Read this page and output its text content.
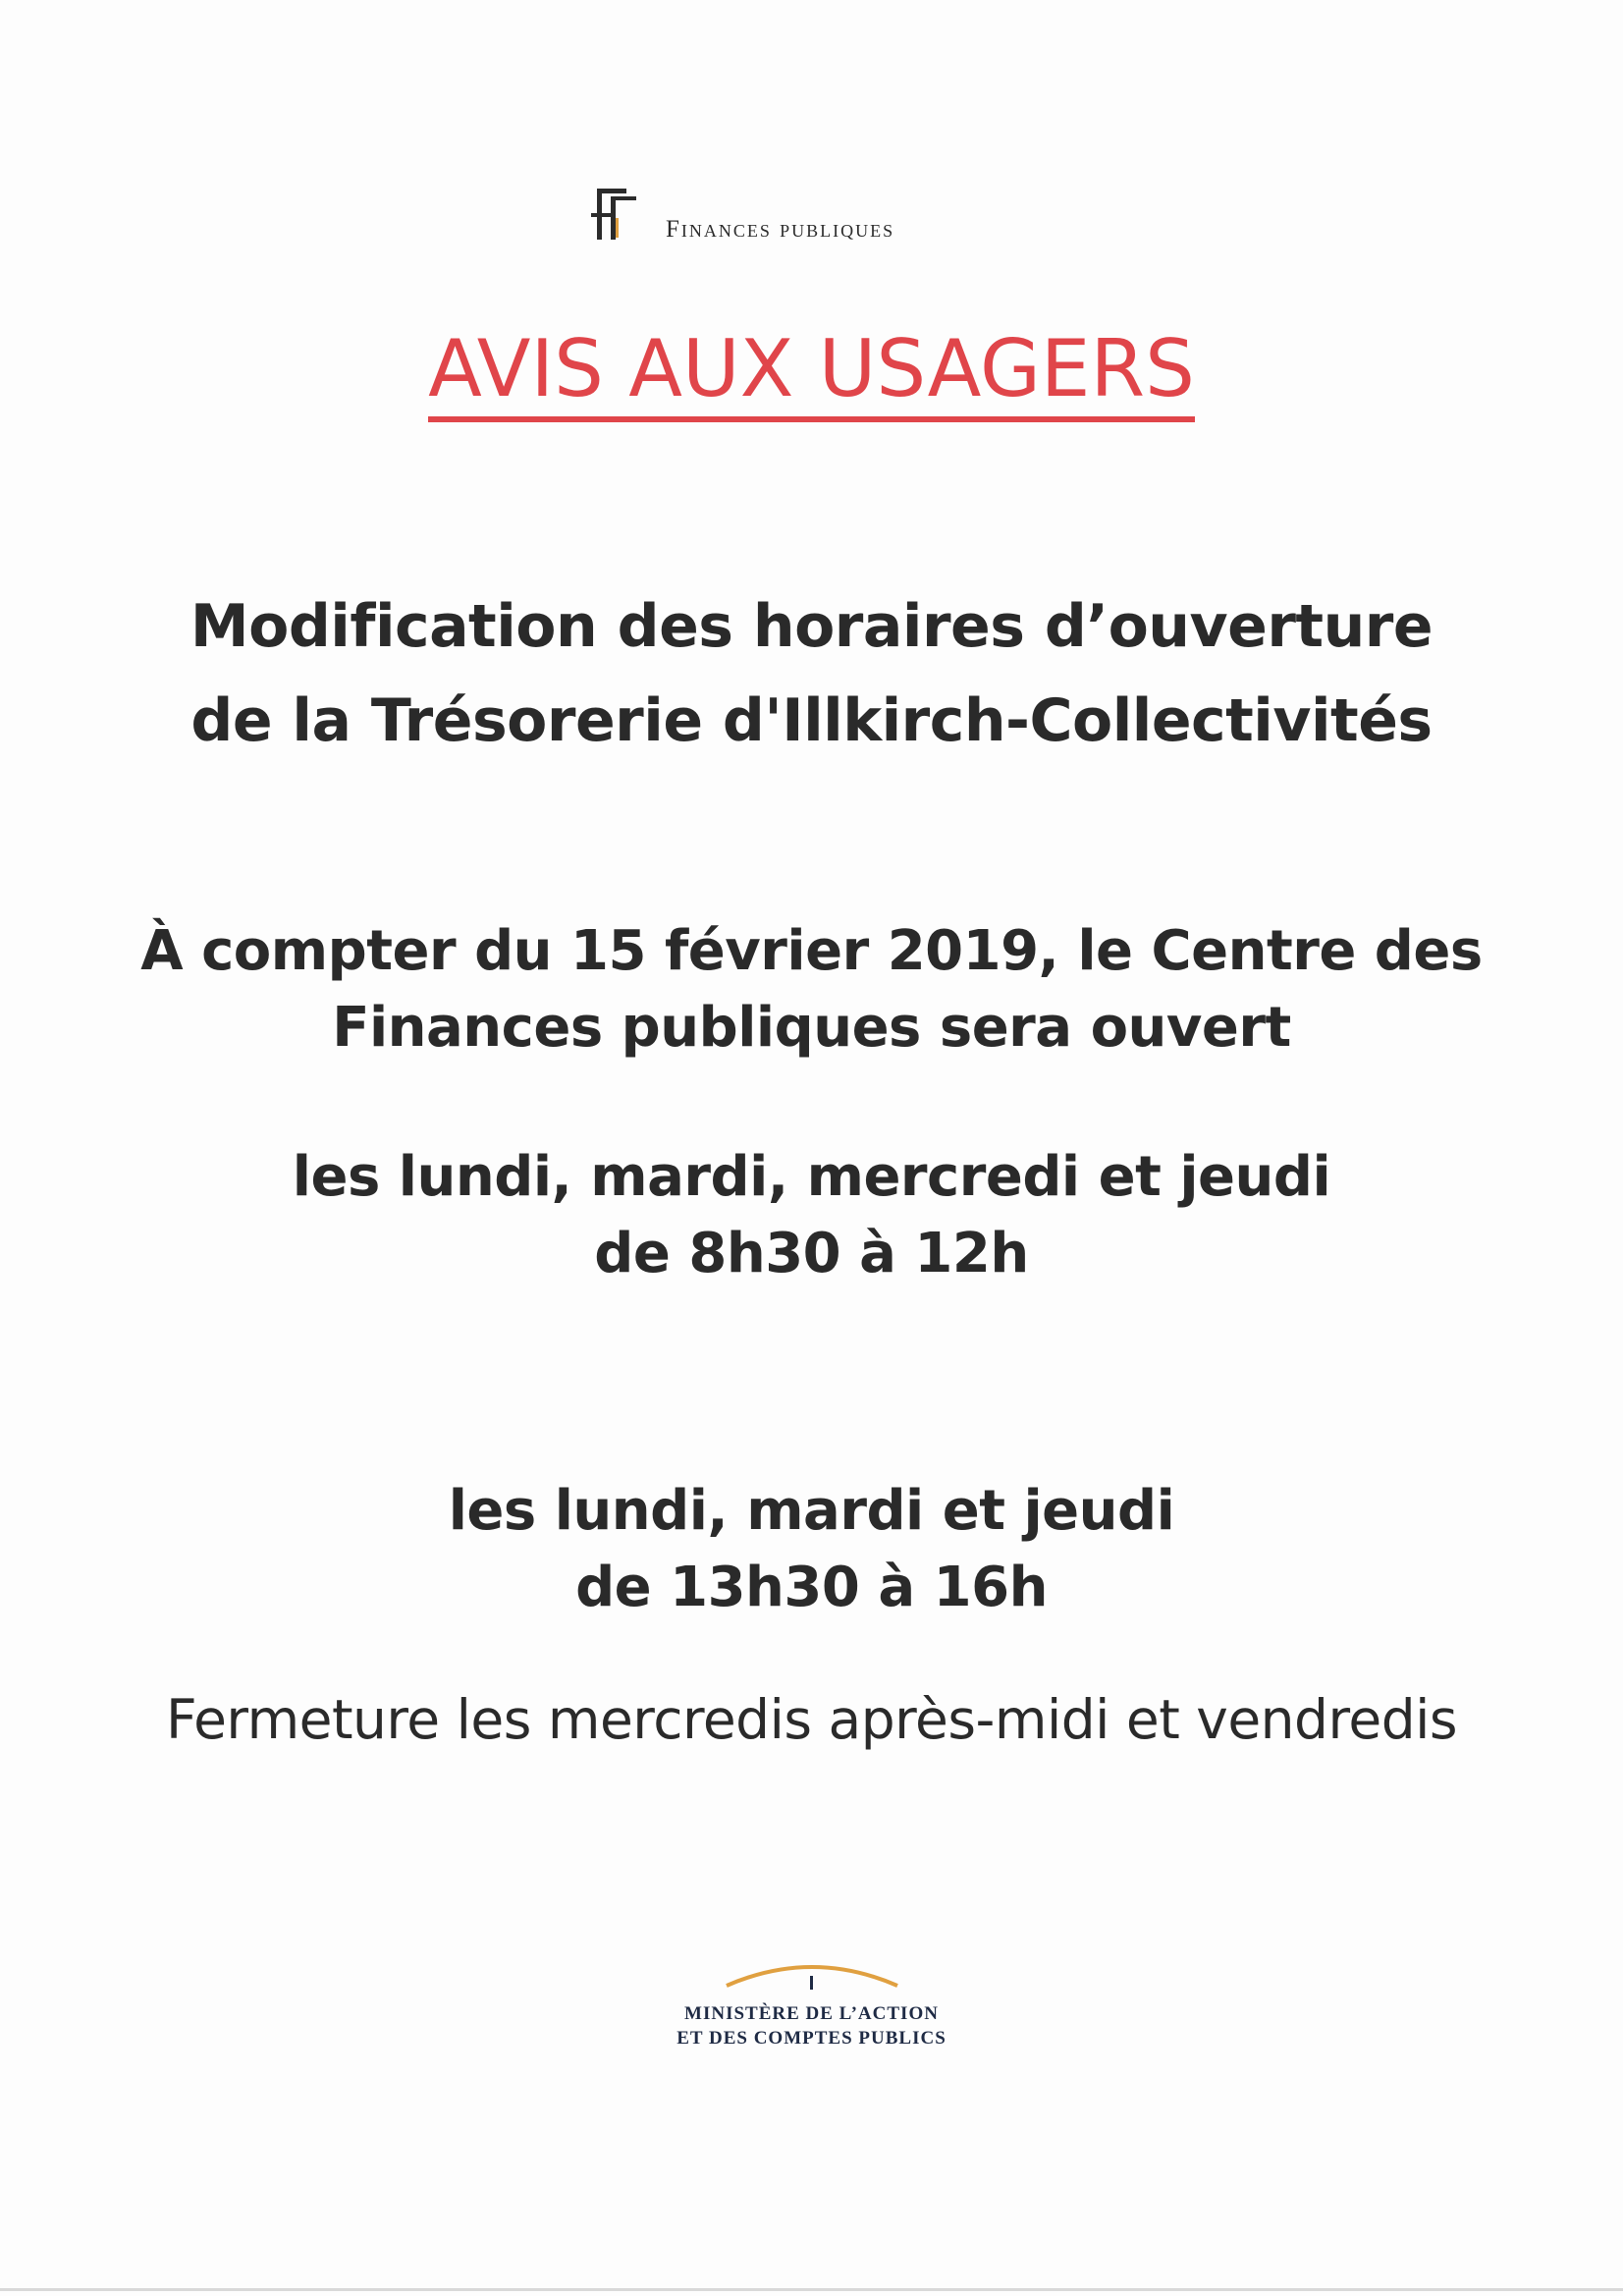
Finances publiques
AVIS AUX USAGERS
Modification des horaires d’ouverture
de la Trésorerie d'Illkirch-Collectivités
À compter du 15 février 2019, le Centre des
Finances publiques sera ouvert
les lundi, mardi, mercredi et jeudi
de 8h30 à 12h
les lundi, mardi et jeudi
de 13h30 à 16h
Fermeture les mercredis après-midi et vendredis
MINISTÈRE DE L’ACTION
ET DES COMPTES PUBLICS
